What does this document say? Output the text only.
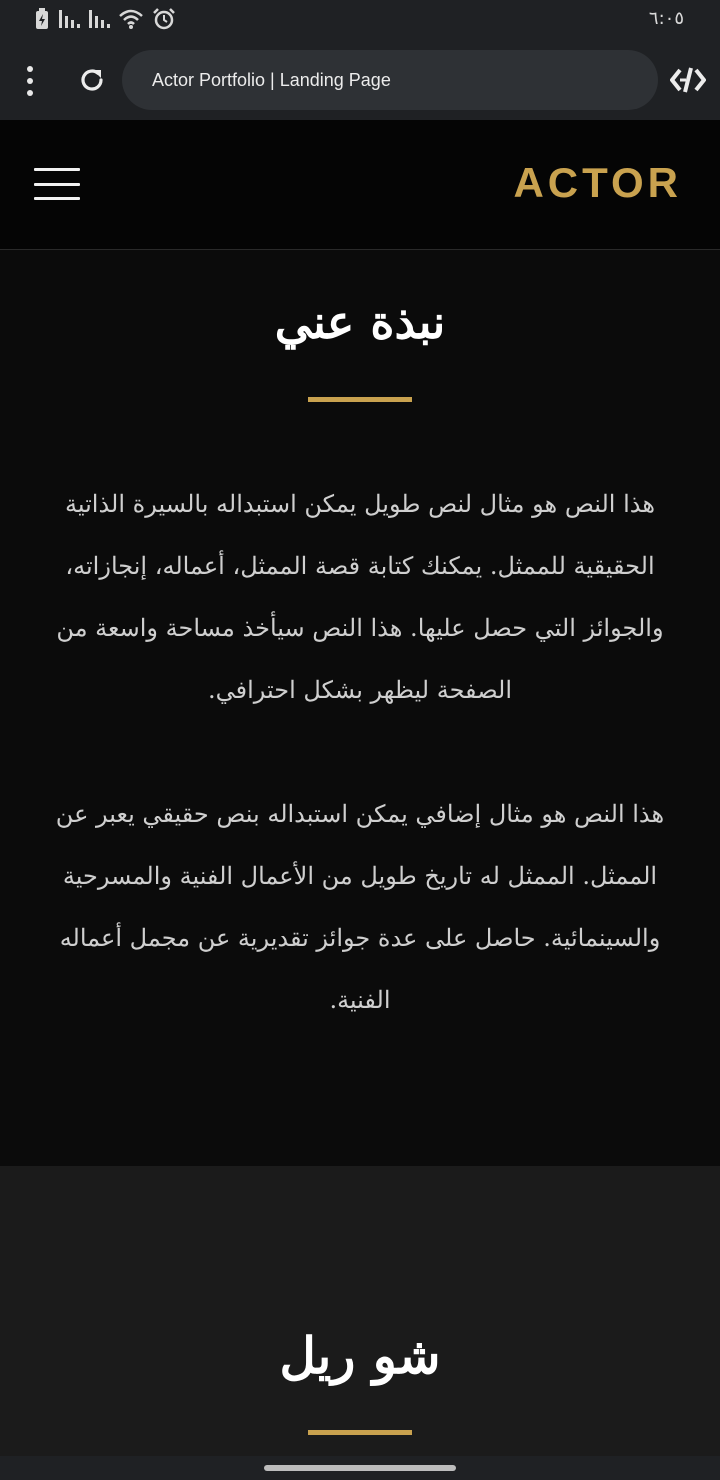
٦:٠٥
Actor Portfolio | Landing Page
ACTOR
نبذة عني
هذا النص هو مثال لنص طويل يمكن استبداله بالسيرة الذاتية الحقيقية للممثل. يمكنك كتابة قصة الممثل، أعماله، إنجازاته، والجوائز التي حصل عليها. هذا النص سيأخذ مساحة واسعة من الصفحة ليظهر بشكل احترافي.
هذا النص هو مثال إضافي يمكن استبداله بنص حقيقي يعبر عن الممثل. الممثل له تاريخ طويل من الأعمال الفنية والمسرحية والسينمائية. حاصل على عدة جوائز تقديرية عن مجمل أعماله الفنية.
شو ريل
